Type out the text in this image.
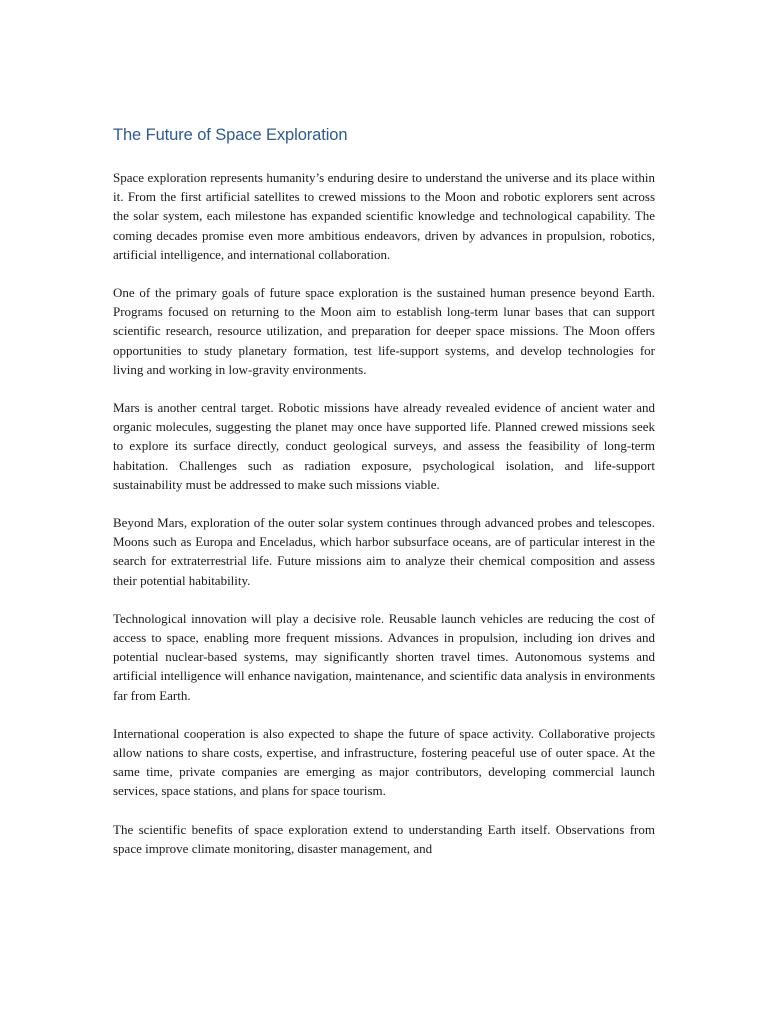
The Future of Space Exploration

Space exploration represents humanity’s enduring desire to understand the universe and its place within it. From the first artificial satellites to crewed missions to the Moon and robotic explorers sent across the solar system, each milestone has expanded scientific knowledge and technological capability. The coming decades promise even more ambitious endeavors, driven by advances in propulsion, robotics, artificial intelligence, and international collaboration.

One of the primary goals of future space exploration is the sustained human presence beyond Earth. Programs focused on returning to the Moon aim to establish long-term lunar bases that can support scientific research, resource utilization, and preparation for deeper space missions. The Moon offers opportunities to study planetary formation, test life-support systems, and develop technologies for living and working in low-gravity environments.

Mars is another central target. Robotic missions have already revealed evidence of ancient water and organic molecules, suggesting the planet may once have supported life. Planned crewed missions seek to explore its surface directly, conduct geological surveys, and assess the feasibility of long-term habitation. Challenges such as radiation exposure, psychological isolation, and life-support sustainability must be addressed to make such missions viable.

Beyond Mars, exploration of the outer solar system continues through advanced probes and telescopes. Moons such as Europa and Enceladus, which harbor subsurface oceans, are of particular interest in the search for extraterrestrial life. Future missions aim to analyze their chemical composition and assess their potential habitability.

Technological innovation will play a decisive role. Reusable launch vehicles are reducing the cost of access to space, enabling more frequent missions. Advances in propulsion, including ion drives and potential nuclear-based systems, may significantly shorten travel times. Autonomous systems and artificial intelligence will enhance navigation, maintenance, and scientific data analysis in environments far from Earth.

International cooperation is also expected to shape the future of space activity. Collaborative projects allow nations to share costs, expertise, and infrastructure, fostering peaceful use of outer space. At the same time, private companies are emerging as major contributors, developing commercial launch services, space stations, and plans for space tourism.

The scientific benefits of space exploration extend to understanding Earth itself. Observations from space improve climate monitoring, disaster management, and
